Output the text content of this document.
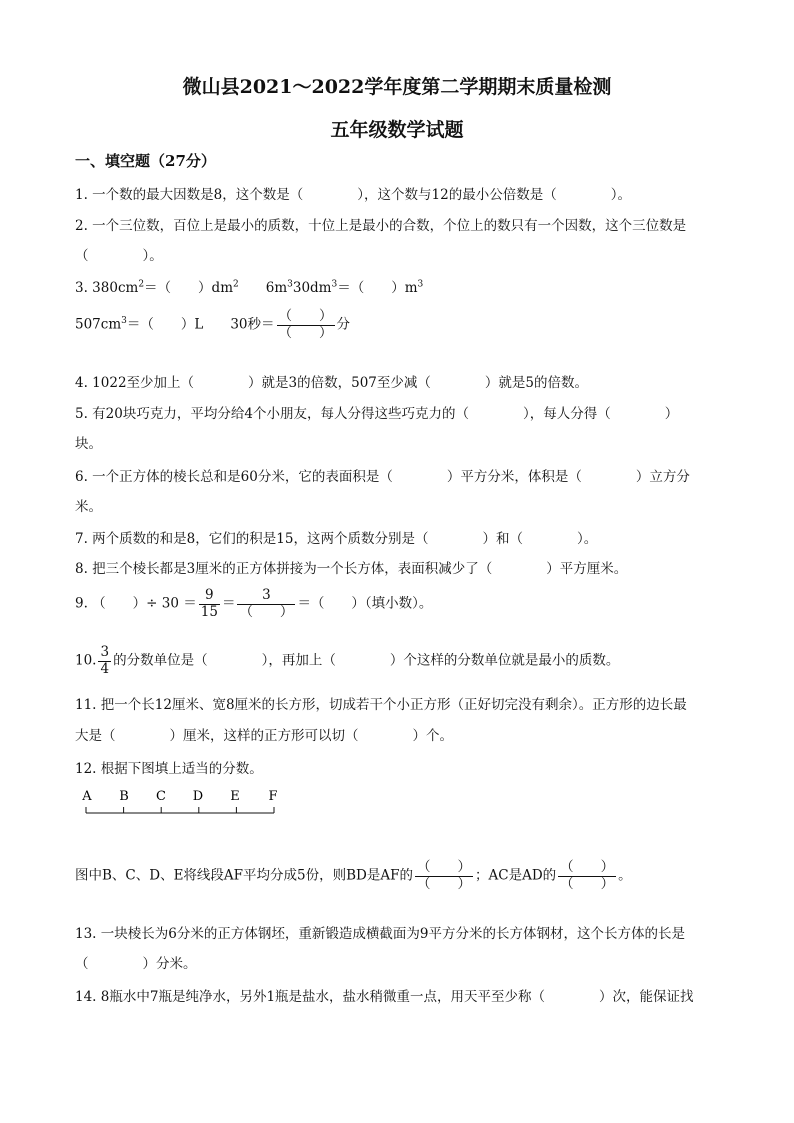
微山县2021～2022学年度第二学期期末质量检测
五年级数学试题
一、填空题（27分）
1. 一个数的最大因数是8，这个数是（　　　　），这个数与12的最小公倍数是（　　　　）。
2. 一个三位数，百位上是最小的质数，十位上是最小的合数，个位上的数只有一个因数，这个三位数是
（　　　　）。
3. $380cm^2=$（　　）$dm^2$　　$6m^330dm^3=$（　　）$m^3$
$507cm^3=$（　　）L　　30秒＝ $\frac{( )}{( )}$ 分
4. 1022至少加上（　　　　）就是3的倍数，507至少减（　　　　）就是5的倍数。
5. 有20块巧克力，平均分给4个小朋友，每人分得这些巧克力的（　　　　），每人分得（　　　　）
块。
6. 一个正方体的棱长总和是60分米，它的表面积是（　　　　）平方分米，体积是（　　　　）立方分
米。
7. 两个质数的和是8，它们的积是15，这两个质数分别是（　　　　）和（　　　　）。
8. 把三个棱长都是3厘米的正方体拼接为一个长方体，表面积减少了（　　　　）平方厘米。
9. （　　）÷ $30 = \frac{9}{15} = \frac{3}{( )}$ ＝（　　）（填小数）。
10. $\frac{3}{4}$ 的分数单位是（　　　　），再加上（　　　　）个这样的分数单位就是最小的质数。
11. 把一个长12厘米、宽8厘米的长方形，切成若干个小正方形（正好切完没有剩余）。正方形的边长最
大是（　　　　）厘米，这样的正方形可以切（　　　　）个。
12. 根据下图填上适当的分数。
A B C D E F
图中B、C、D、E将线段AF平均分成5份，则BD是AF的 $\frac{( )}{( )}$ ；AC是AD的 $\frac{( )}{( )}$ 。
13. 一块棱长为6分米的正方体钢坯，重新锻造成横截面为9平方分米的长方体钢材，这个长方体的长是
（　　　　）分米。
14. 8瓶水中7瓶是纯净水，另外1瓶是盐水，盐水稍微重一点，用天平至少称（　　　　）次，能保证找
